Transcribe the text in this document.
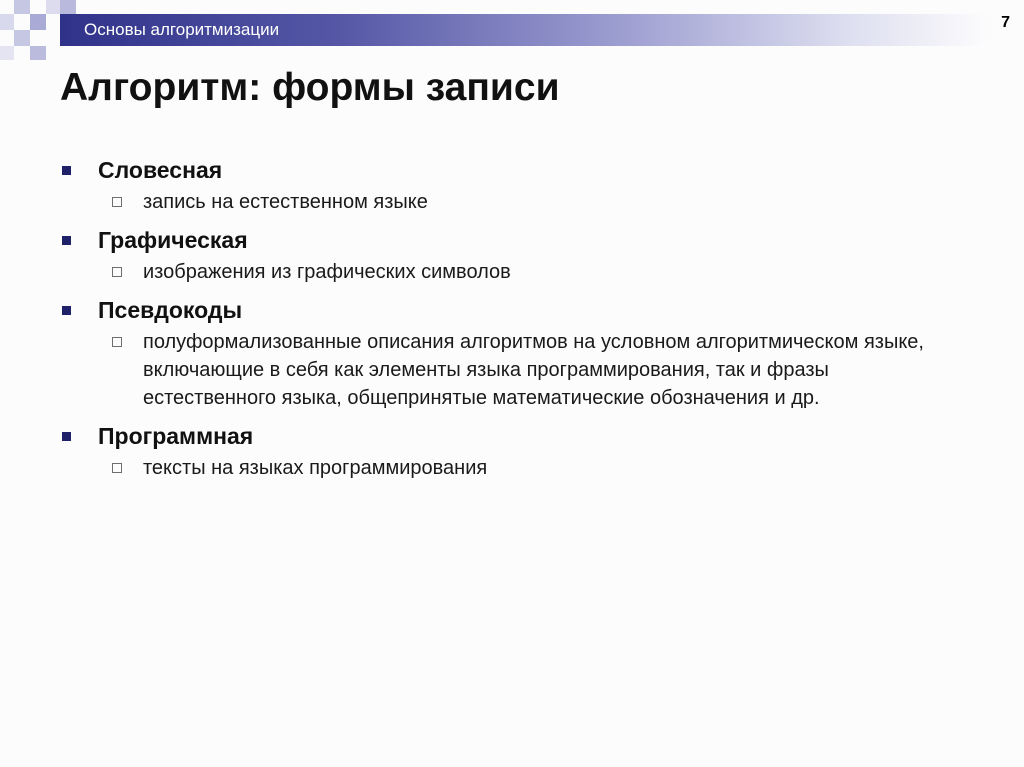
Основы алгоритмизации	7
Алгоритм: формы записи
Словесная
запись на естественном языке
Графическая
изображения из графических символов
Псевдокоды
полуформализованные описания алгоритмов на условном алгоритмическом языке, включающие в себя как элементы языка программирования, так и фразы естественного языка, общепринятые математические обозначения и др.
Программная
тексты на языках программирования
